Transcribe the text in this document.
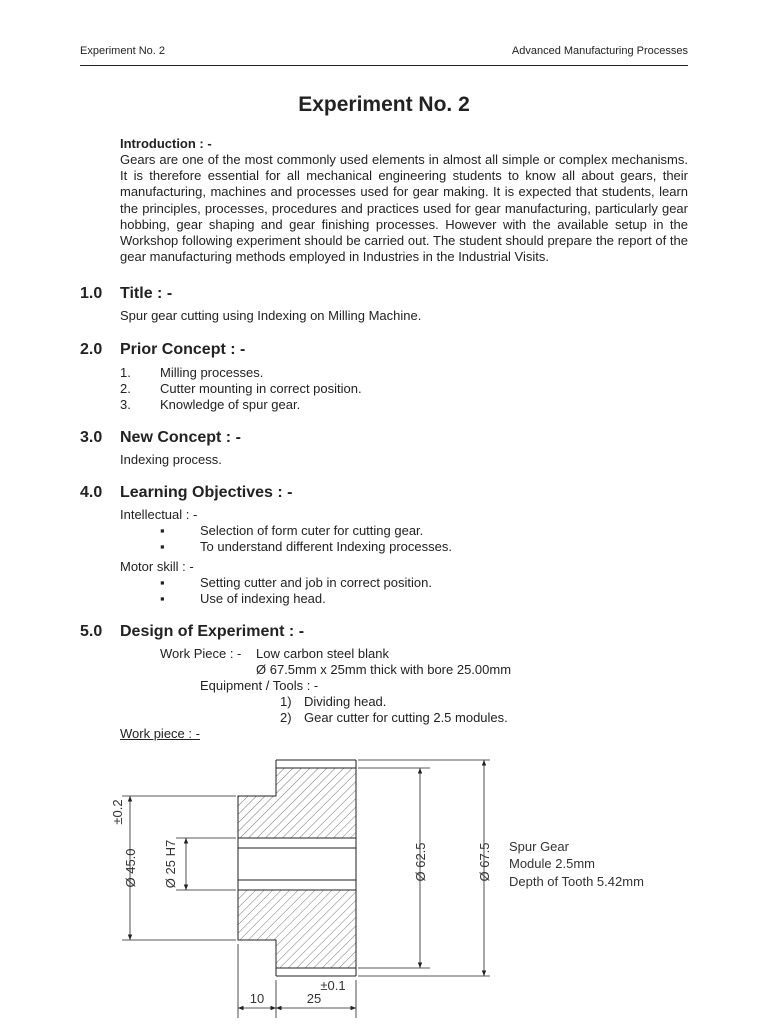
Experiment No. 2	Advanced Manufacturing Processes
Experiment No. 2
Introduction : -
Gears are one of the most commonly used elements in almost all simple or complex mechanisms. It is therefore essential for all mechanical engineering students to know all about gears, their manufacturing, machines and processes used for gear making. It is expected that students, learn the principles, processes, procedures and practices used for gear manufacturing, particularly gear hobbing, gear shaping and gear finishing processes. However with the available setup in the Workshop following experiment should be carried out. The student should prepare the report of the gear manufacturing methods employed in Industries in the Industrial Visits.
1.0 Title : -
Spur gear cutting using Indexing on Milling Machine.
2.0 Prior Concept : -
1. Milling processes.
2. Cutter mounting in correct position.
3. Knowledge of spur gear.
3.0 New Concept : -
Indexing process.
4.0 Learning Objectives : -
Intellectual : -
▪	Selection of form cuter for cutting gear.
▪	To understand different Indexing processes.
Motor skill : -
▪	Setting cutter and job in correct position.
▪	Use of indexing head.
5.0 Design of Experiment : -
Work Piece : - Low carbon steel blank
Ø 67.5mm x 25mm thick with bore 25.00mm
Equipment / Tools : -
1) Dividing head.
2) Gear cutter for cutting 2.5 modules.
Work piece : -
±0.2
Ø 45.0 Ø 25 H7	Ø 62.5	Ø 67.5
10	25
±0.1
Spur Gear
Module 2.5mm
Depth of Tooth 5.42mm
